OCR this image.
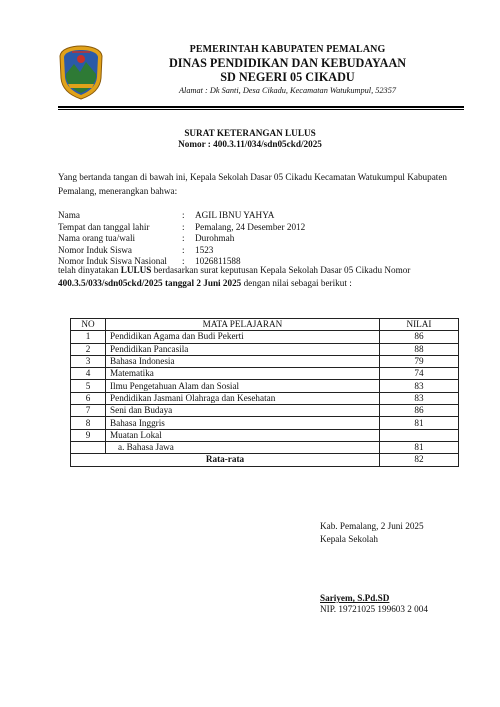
PEMERINTAH KABUPATEN PEMALANG
DINAS PENDIDIKAN DAN KEBUDAYAAN
SD NEGERI 05 CIKADU
Alamat : Dk Santi, Desa Cikadu, Kecamatan Watukumpul, 52357
SURAT KETERANGAN LULUS
Nomor : 400.3.11/034/sdn05ckd/2025
Yang bertanda tangan di bawah ini, Kepala Sekolah Dasar 05 Cikadu Kecamatan Watukumpul Kabupaten Pemalang, menerangkan bahwa:
Nama	:	AGIL IBNU YAHYA
Tempat dan tanggal lahir	:	Pemalang, 24 Desember 2012
Nama orang tua/wali	:	Durohmah
Nomor Induk Siswa	:	1523
Nomor Induk Siswa Nasional	:	1026811588
telah dinyatakan LULUS berdasarkan surat keputusan Kepala Sekolah Dasar 05 Cikadu Nomor 400.3.5/033/sdn05ckd/2025 tanggal 2 Juni 2025 dengan nilai sebagai berikut :
NO	MATA PELAJARAN	NILAI
1	Pendidikan Agama dan Budi Pekerti	86
2	Pendidikan Pancasila	88
3	Bahasa Indonesia	79
4	Matematika	74
5	Ilmu Pengetahuan Alam dan Sosial	83
6	Pendidikan Jasmani Olahraga dan Kesehatan	83
7	Seni dan Budaya	86
8	Bahasa Inggris	81
9	Muatan Lokal	
	a. Bahasa Jawa	81
Rata-rata		82
Kab. Pemalang, 2 Juni 2025
Kepala Sekolah
Sariyem, S.Pd.SD
NIP. 19721025 199603 2 004
